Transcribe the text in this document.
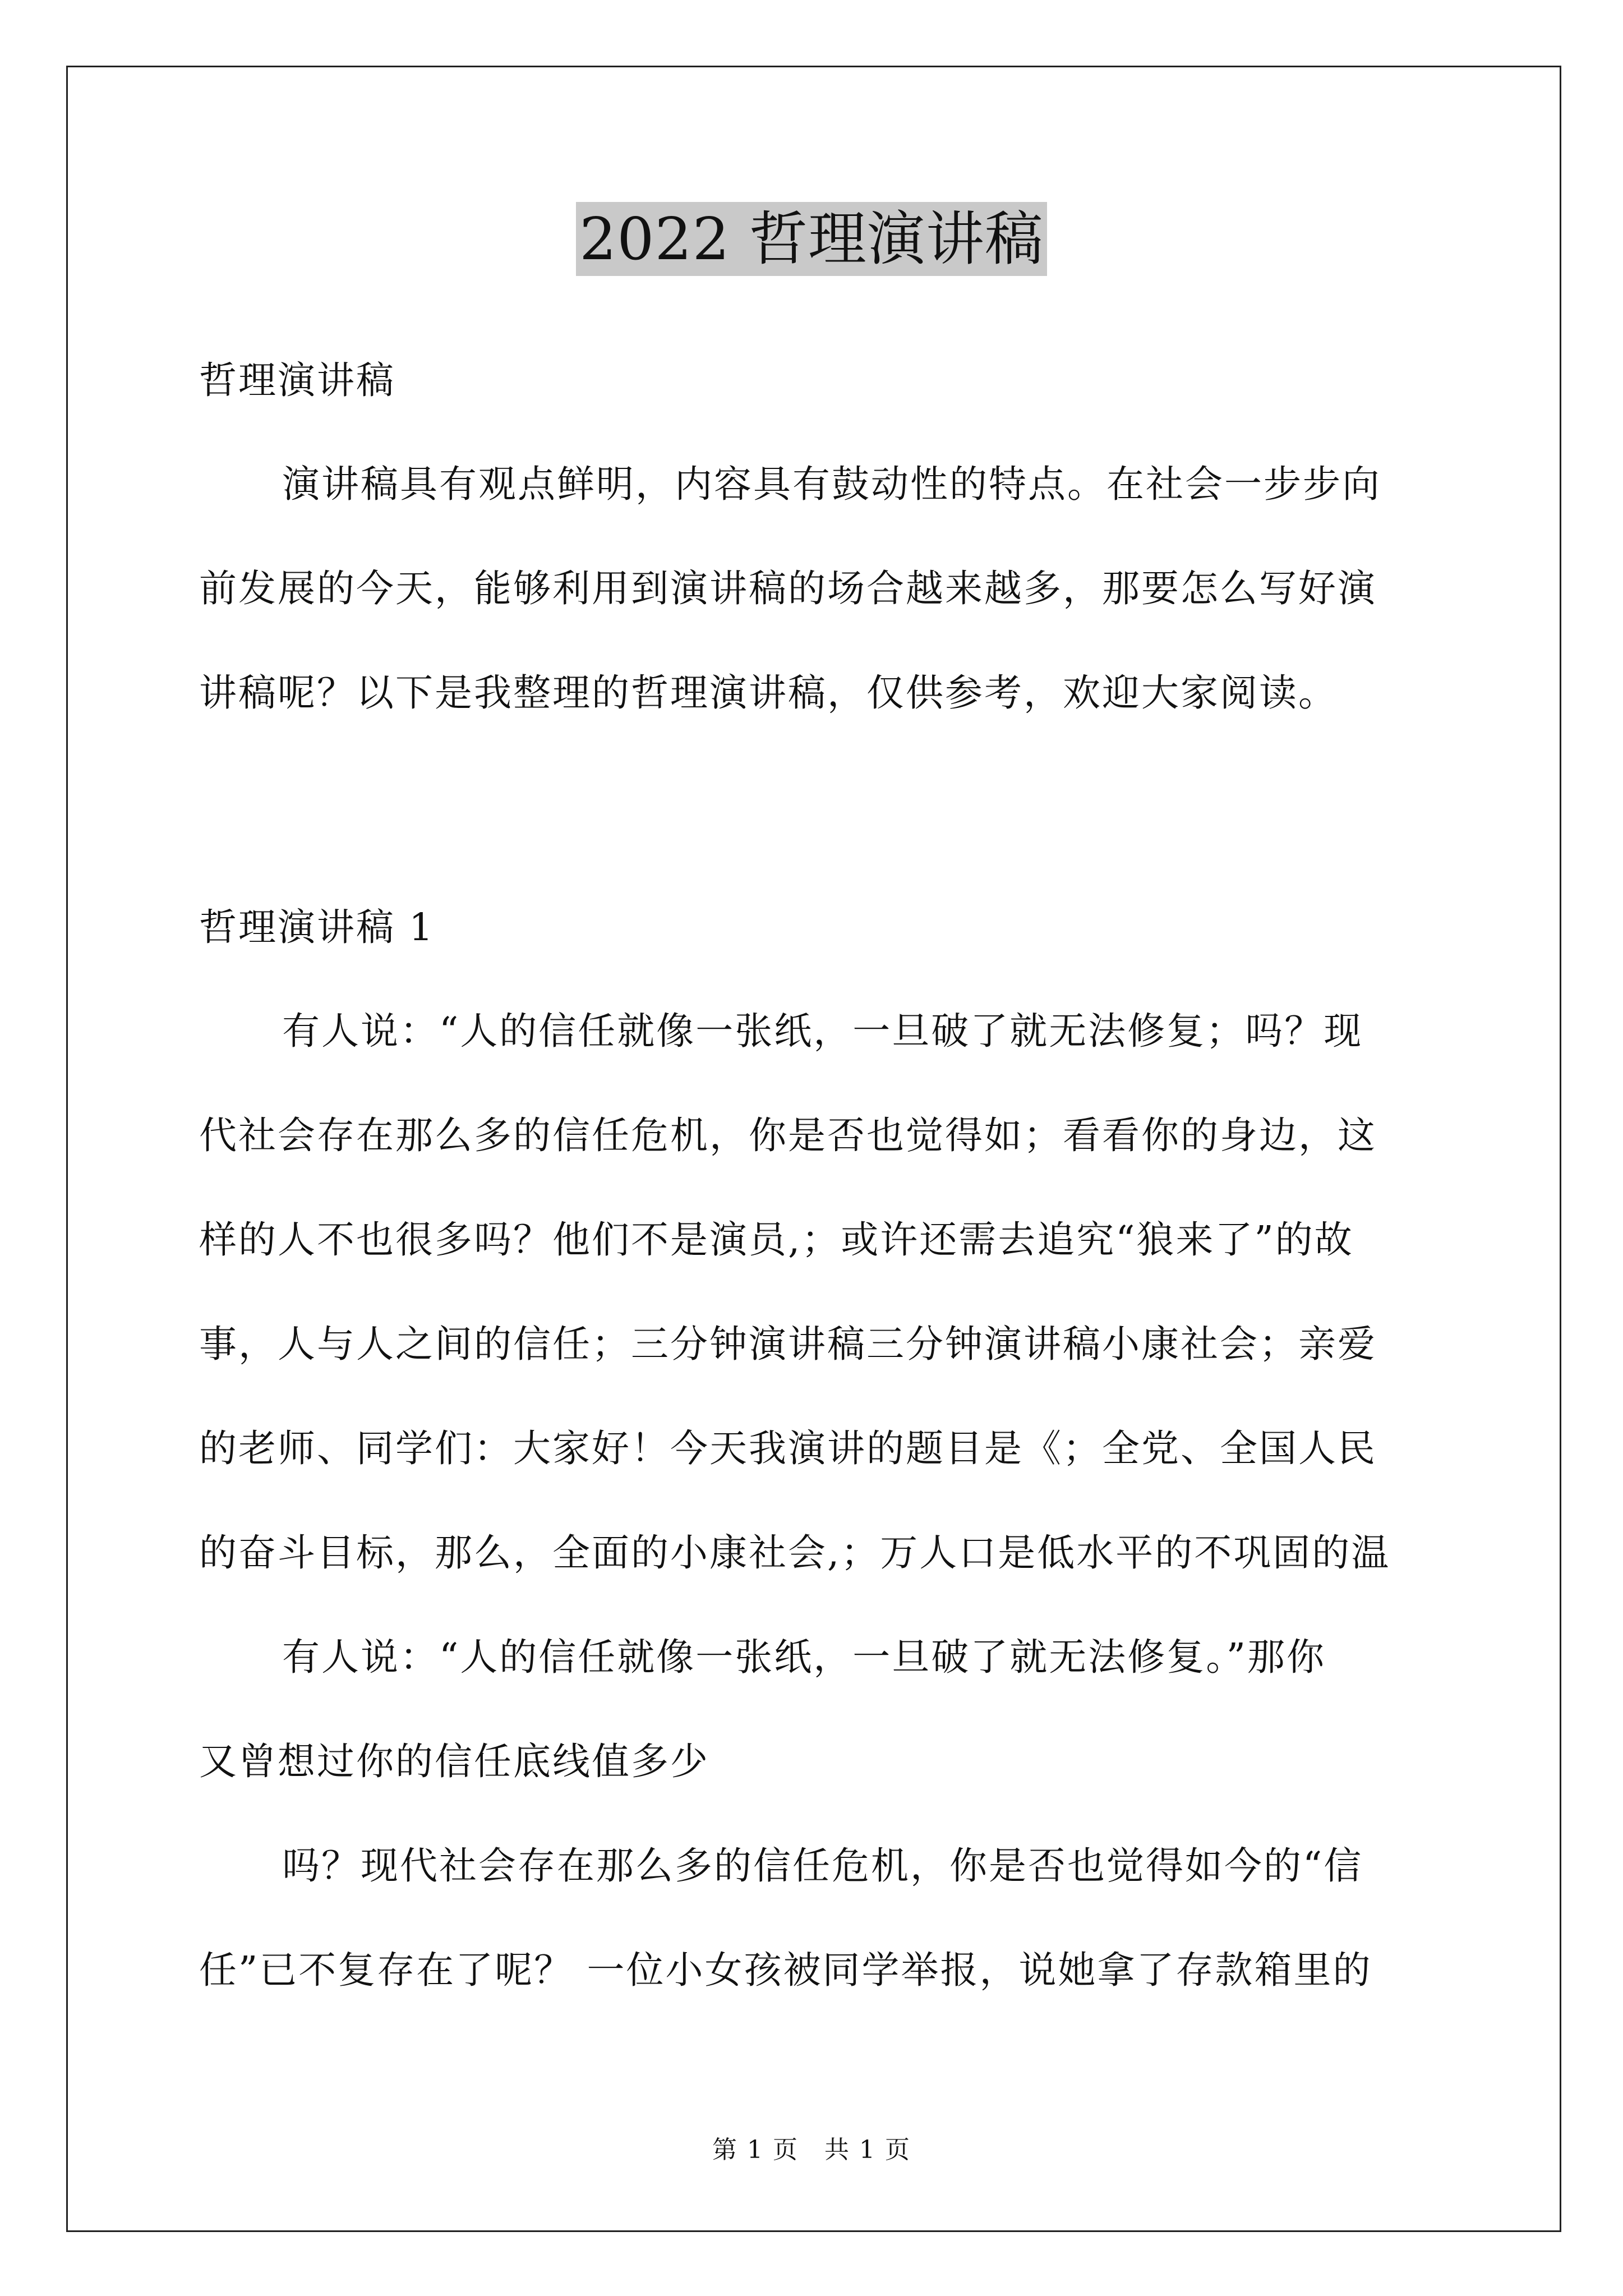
2022 哲理演讲稿
哲理演讲稿
演讲稿具有观点鲜明，内容具有鼓动性的特点。在社会一步步向
前发展的今天，能够利用到演讲稿的场合越来越多，那要怎么写好演
讲稿呢？以下是我整理的哲理演讲稿，仅供参考，欢迎大家阅读。
哲理演讲稿 1
有人说：“人的信任就像一张纸，一旦破了就无法修复；吗？现
代社会存在那么多的信任危机，你是否也觉得如；看看你的身边，这
样的人不也很多吗？他们不是演员,；或许还需去追究“狼来了”的故
事，人与人之间的信任；三分钟演讲稿三分钟演讲稿小康社会；亲爱
的老师、同学们：大家好！今天我演讲的题目是《；全党、全国人民
的奋斗目标，那么，全面的小康社会,；万人口是低水平的不巩固的温
有人说：“人的信任就像一张纸，一旦破了就无法修复。”那你
又曾想过你的信任底线值多少
吗？现代社会存在那么多的信任危机，你是否也觉得如今的“信
任”已不复存在了呢？ 一位小女孩被同学举报，说她拿了存款箱里的
第 1 页　共 1 页
